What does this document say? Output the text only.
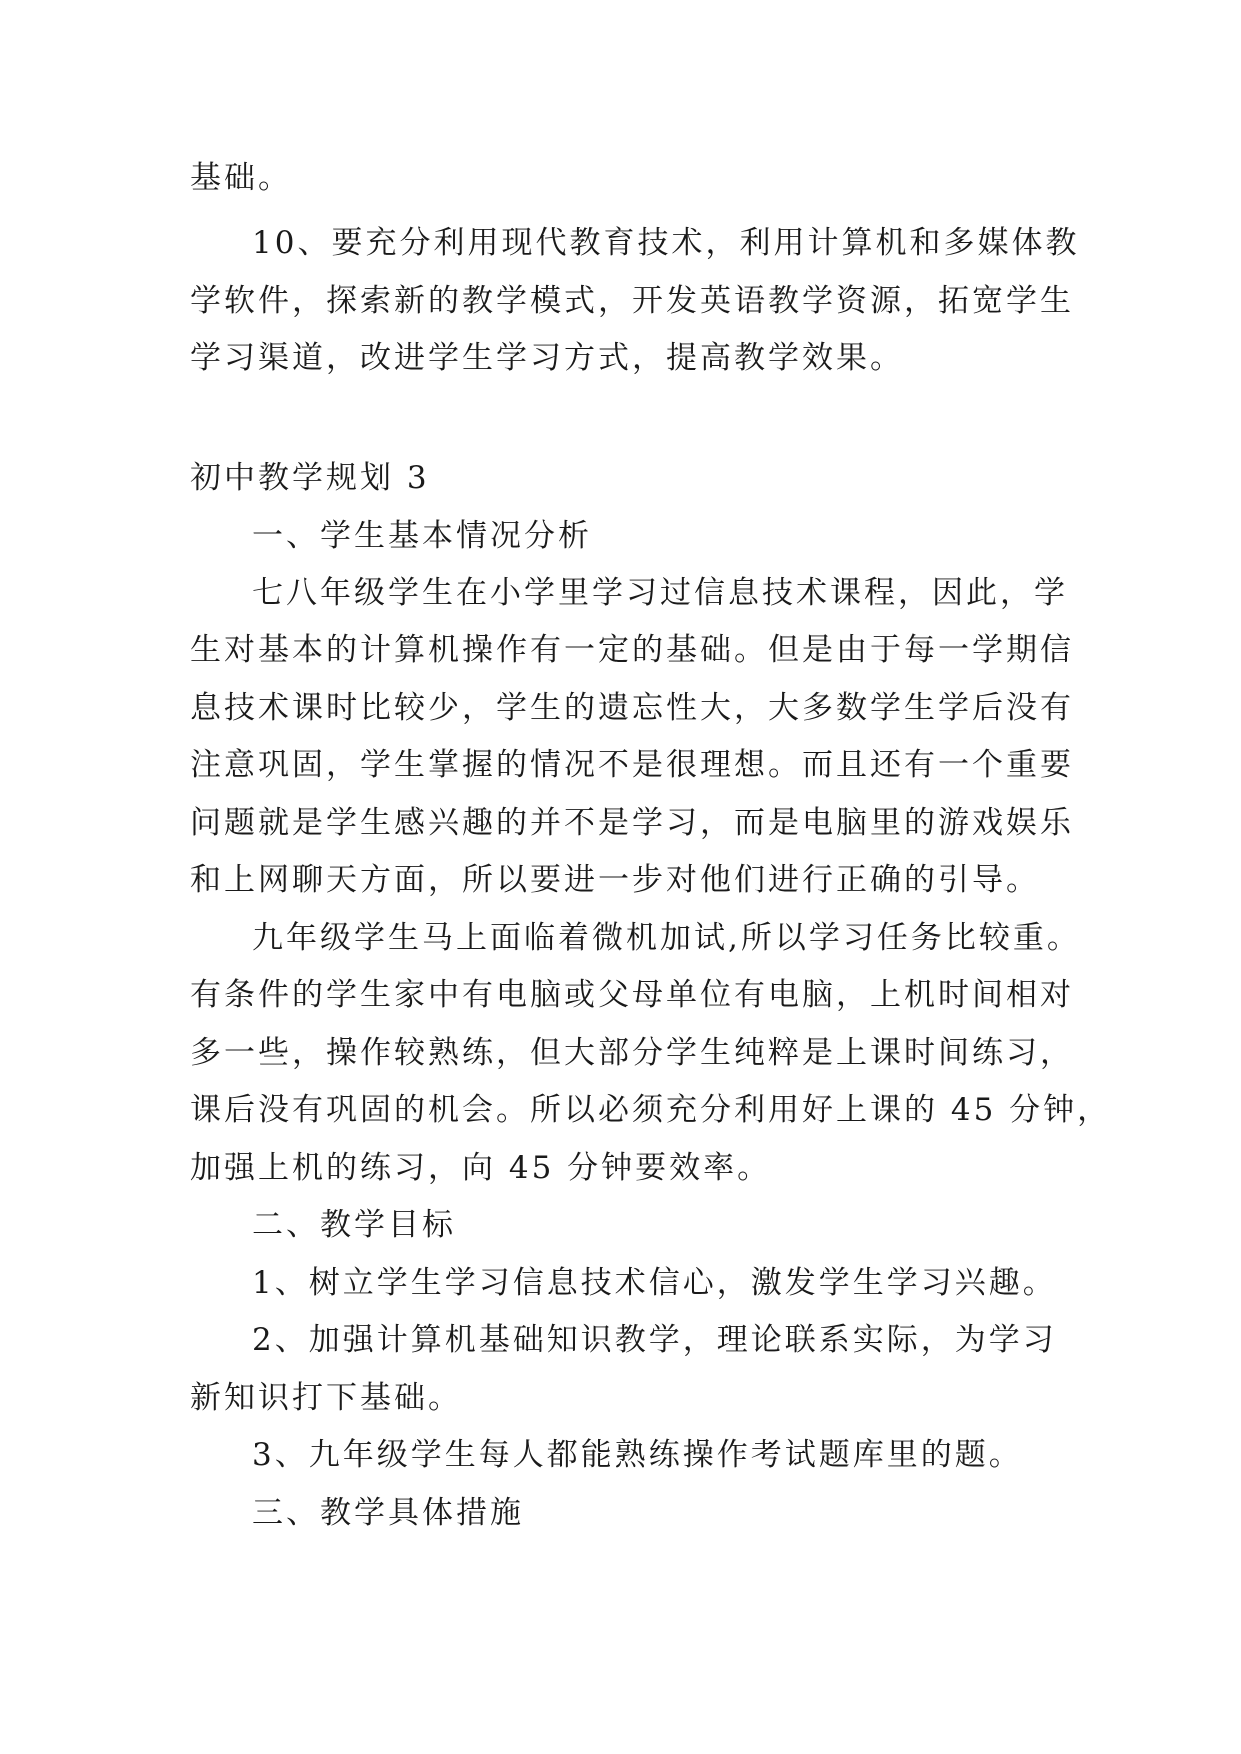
基础。
10、要充分利用现代教育技术，利用计算机和多媒体教
学软件，探索新的教学模式，开发英语教学资源，拓宽学生
学习渠道，改进学生学习方式，提高教学效果。
初中教学规划 3
一、学生基本情况分析
七八年级学生在小学里学习过信息技术课程，因此，学
生对基本的计算机操作有一定的基础。但是由于每一学期信
息技术课时比较少，学生的遗忘性大，大多数学生学后没有
注意巩固，学生掌握的情况不是很理想。而且还有一个重要
问题就是学生感兴趣的并不是学习，而是电脑里的游戏娱乐
和上网聊天方面，所以要进一步对他们进行正确的引导。
九年级学生马上面临着微机加试,所以学习任务比较重。
有条件的学生家中有电脑或父母单位有电脑，上机时间相对
多一些，操作较熟练，但大部分学生纯粹是上课时间练习，
课后没有巩固的机会。所以必须充分利用好上课的 45 分钟，
加强上机的练习，向 45 分钟要效率。
二、教学目标
1、树立学生学习信息技术信心，激发学生学习兴趣。
2、加强计算机基础知识教学，理论联系实际，为学习
新知识打下基础。
3、九年级学生每人都能熟练操作考试题库里的题。
三、教学具体措施
